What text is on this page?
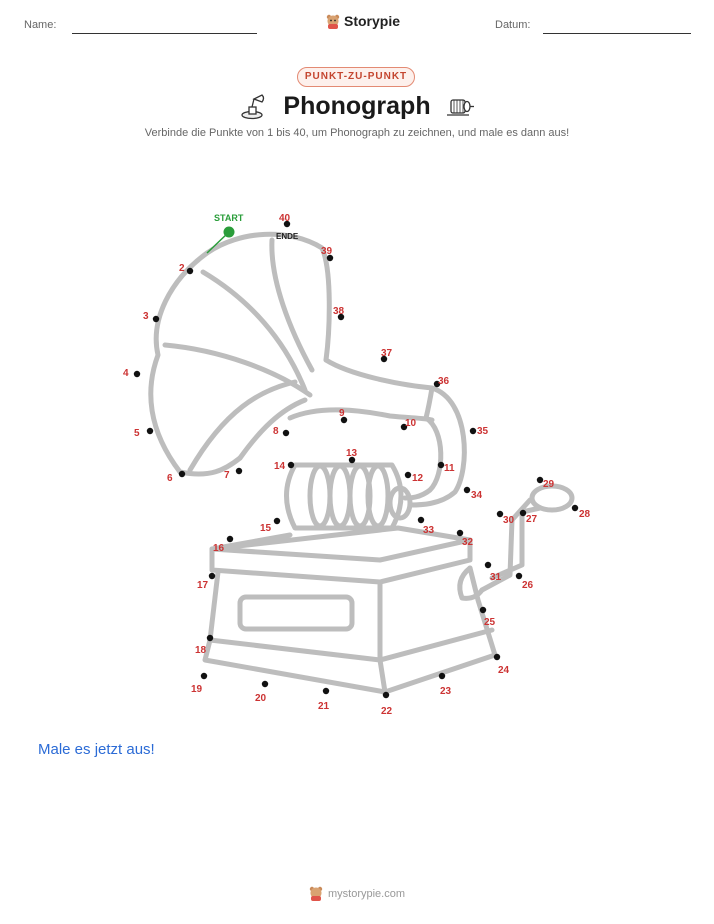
Name:	Storypie	Datum:
PUNKT-ZU-PUNKT
Phonograph
Verbinde die Punkte von 1 bis 40, um Phonograph zu zeichnen, und male es dann aus!
START
ENDE
2
3
4
5
6	7
8
9
10
11
12
13
14
15
16
17
18
19
20
21	22
23
24
25
26
27	28
29
30
31
32
33
34
35
36
37
38
39
40
Male es jetzt aus!
mystorypie.com
